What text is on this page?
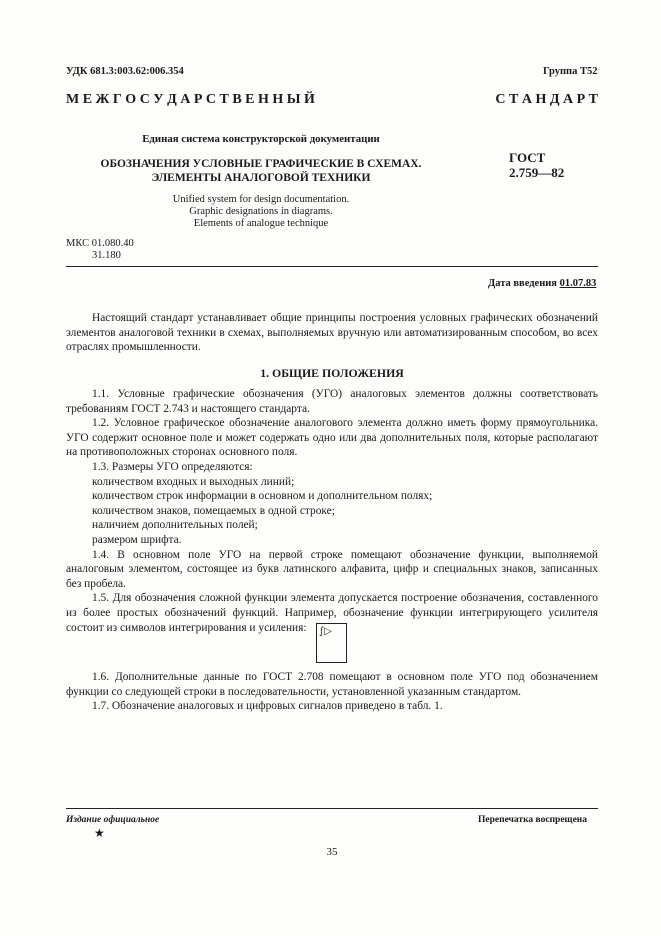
УДК 681.3:003.62:006.354	Группа Т52
М Е Ж Г О С У Д А Р С Т В Е Н Н Ы Й	С Т А Н Д А Р Т
Единая система конструкторской документации
ОБОЗНАЧЕНИЯ УСЛОВНЫЕ ГРАФИЧЕСКИЕ В СХЕМАХ.
ЭЛЕМЕНТЫ АНАЛОГОВОЙ ТЕХНИКИ
ГОСТ
2.759—82
Unified system for design documentation.
Graphic designations in diagrams.
Elements of analogue technique
МКС 01.080.40
31.180
Дата введения 01.07.83

Настоящий стандарт устанавливает общие принципы построения условных графических обозначений элементов аналоговой техники в схемах, выполняемых вручную или автоматизированным способом, во всех отраслях промышленности.

1. ОБЩИЕ ПОЛОЖЕНИЯ

1.1. Условные графические обозначения (УГО) аналоговых элементов должны соответствовать требованиям ГОСТ 2.743 и настоящего стандарта.

1.2. Условное графическое обозначение аналогового элемента должно иметь форму прямоугольника. УГО содержит основное поле и может содержать одно или два дополнительных поля, которые располагают на противоположных сторонах основного поля.

1.3. Размеры УГО определяются:

количеством входных и выходных линий;
количеством строк информации в основном и дополнительном полях;
количеством знаков, помещаемых в одной строке;
наличием дополнительных полей;
размером шрифта.

1.4. В основном поле УГО на первой строке помещают обозначение функции, выполняемой аналоговым элементом, состоящее из букв латинского алфавита, цифр и специальных знаков, записанных без пробела.

1.5. Для обозначения сложной функции элемента допускается построение обозначения, составленного из более простых обозначений функций. Например, обозначение функции интегрирующего усилителя состоит из символов интегрирования и усиления:	∫▷

1.6. Дополнительные данные по ГОСТ 2.708 помещают в основном поле УГО под обозначением функции со следующей строки в последовательности, установленной указанным стандартом.

1.7. Обозначение аналоговых и цифровых сигналов приведено в табл. 1.

Издание официальное
★
Перепечатка воспрещена
35
